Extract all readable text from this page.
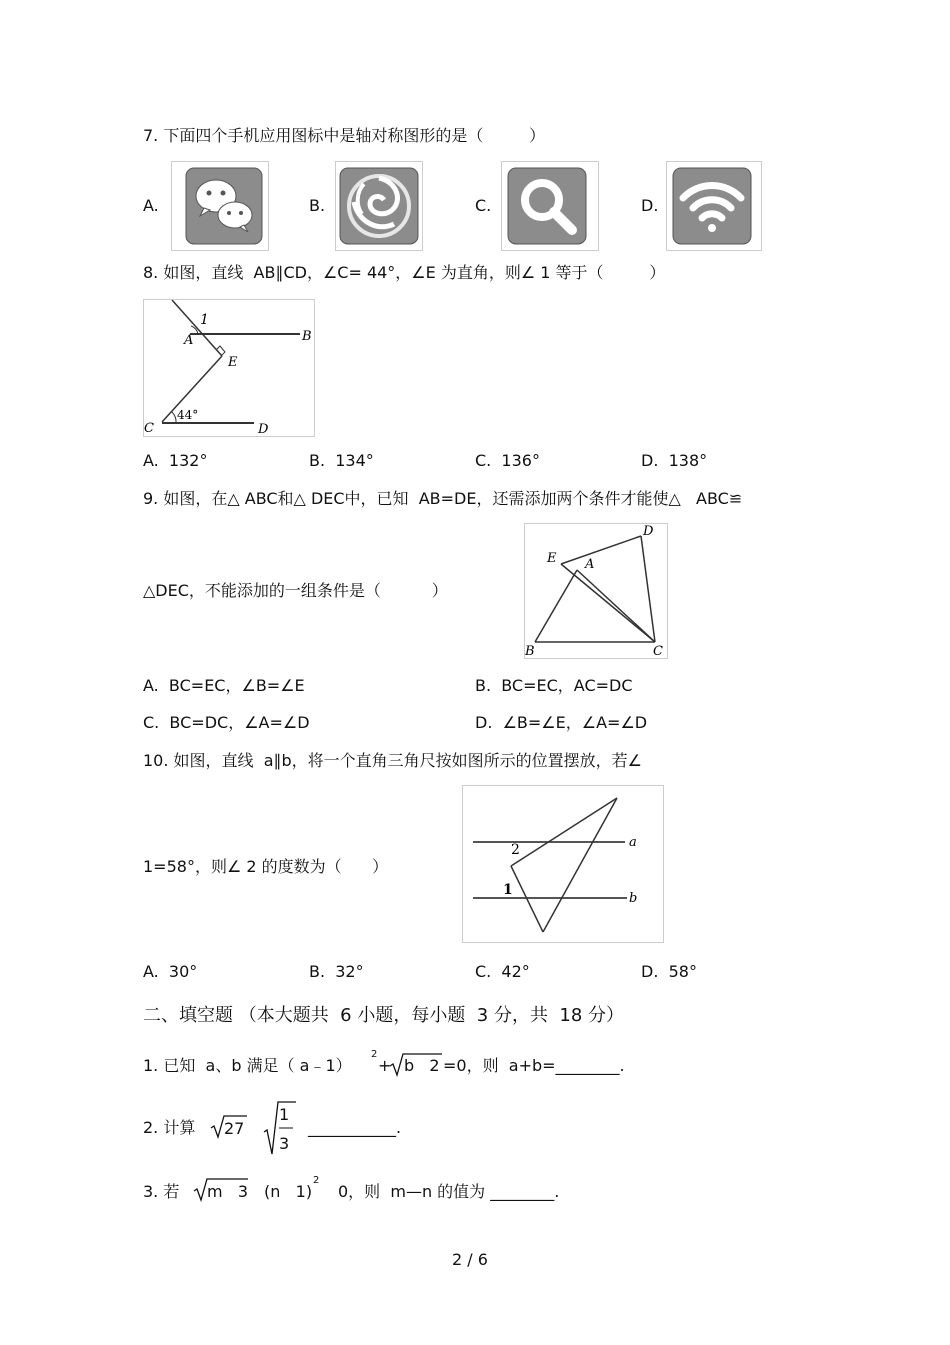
7. 下面四个手机应用图标中是轴对称图形的是（         ）
A.	B.	C.	D.
8. 如图，直线  AB∥CD，∠C= 44°，∠E 为直角，则∠ 1 等于（         ）
1
A	B
E
44°
C	D
A.  132°	B.  134°	C.  136°	D.  138°
9. 如图，在△ ABC和△ DEC中，已知  AB=DE，还需添加两个条件才能使△   ABC≌
△DEC，不能添加的一组条件是（          ）
D
E A
B	C
A.  BC=EC，∠B=∠E	B.  BC=EC，AC=DC
C.  BC=DC，∠A=∠D	D.  ∠B=∠E，∠A=∠D
10. 如图，直线  a∥b，将一个直角三角尺按如图所示的位置摆放，若∠
1=58°，则∠ 2 的度数为（      ）
2	a
1
b
A.  30°	B.  32°	C.  42°	D.  58°
二、填空题 （本大题共  6 小题，每小题  3 分，共  18 分）
1. 已知  a、b 满足（ a﹣1）
2
+ b   2 =0，则  a+b=________.
2. 计算 27
1
3
___________.
3. 若 m   3 (n   1)
2
0，则  m—n 的值为 ________.
2 / 6
